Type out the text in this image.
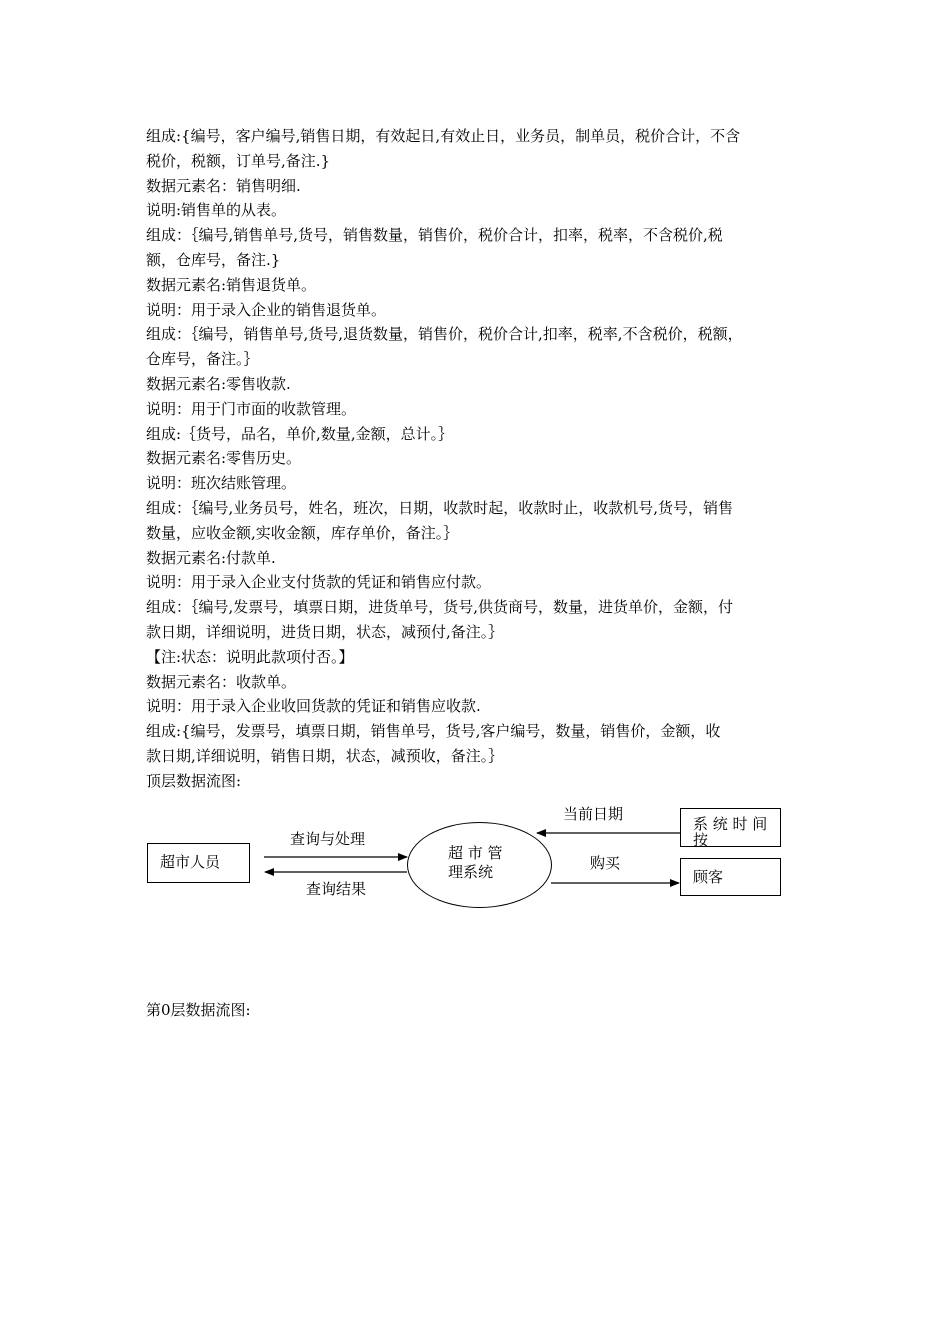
组成:{编号，客户编号,销售日期，有效起日,有效止日，业务员，制单员，税价合计，不含
税价，税额，订单号,备注.}
数据元素名：销售明细.
说明:销售单的从表。
组成：｛编号,销售单号,货号，销售数量，销售价，税价合计，扣率，税率，不含税价,税
额，仓库号，备注.}
数据元素名:销售退货单。
说明：用于录入企业的销售退货单。
组成：｛编号，销售单号,货号,退货数量，销售价，税价合计,扣率，税率,不含税价，税额，
仓库号，备注。｝
数据元素名:零售收款.
说明：用于门市面的收款管理。
组成:｛货号，品名，单价,数量,金额，总计。｝
数据元素名:零售历史。
说明：班次结账管理。
组成：｛编号,业务员号，姓名，班次，日期，收款时起，收款时止，收款机号,货号，销售
数量，应收金额,实收金额，库存单价，备注。｝
数据元素名:付款单.
说明：用于录入企业支付货款的凭证和销售应付款。
组成：｛编号,发票号，填票日期，进货单号，货号,供货商号，数量，进货单价，金额，付
款日期，详细说明，进货日期，状态，减预付,备注。｝
【注:状态：说明此款项付否。】
数据元素名：收款单。
说明：用于录入企业收回货款的凭证和销售应收款.
组成:{编号，发票号，填票日期，销售单号，货号,客户编号，数量，销售价，金额，收
款日期,详细说明，销售日期，状态，减预收，备注。｝
顶层数据流图:
超市人员	超 市 管
理系统
系 统 时 间
按
顾客
查询与处理
查询结果
当前日期
购买
第0层数据流图:
